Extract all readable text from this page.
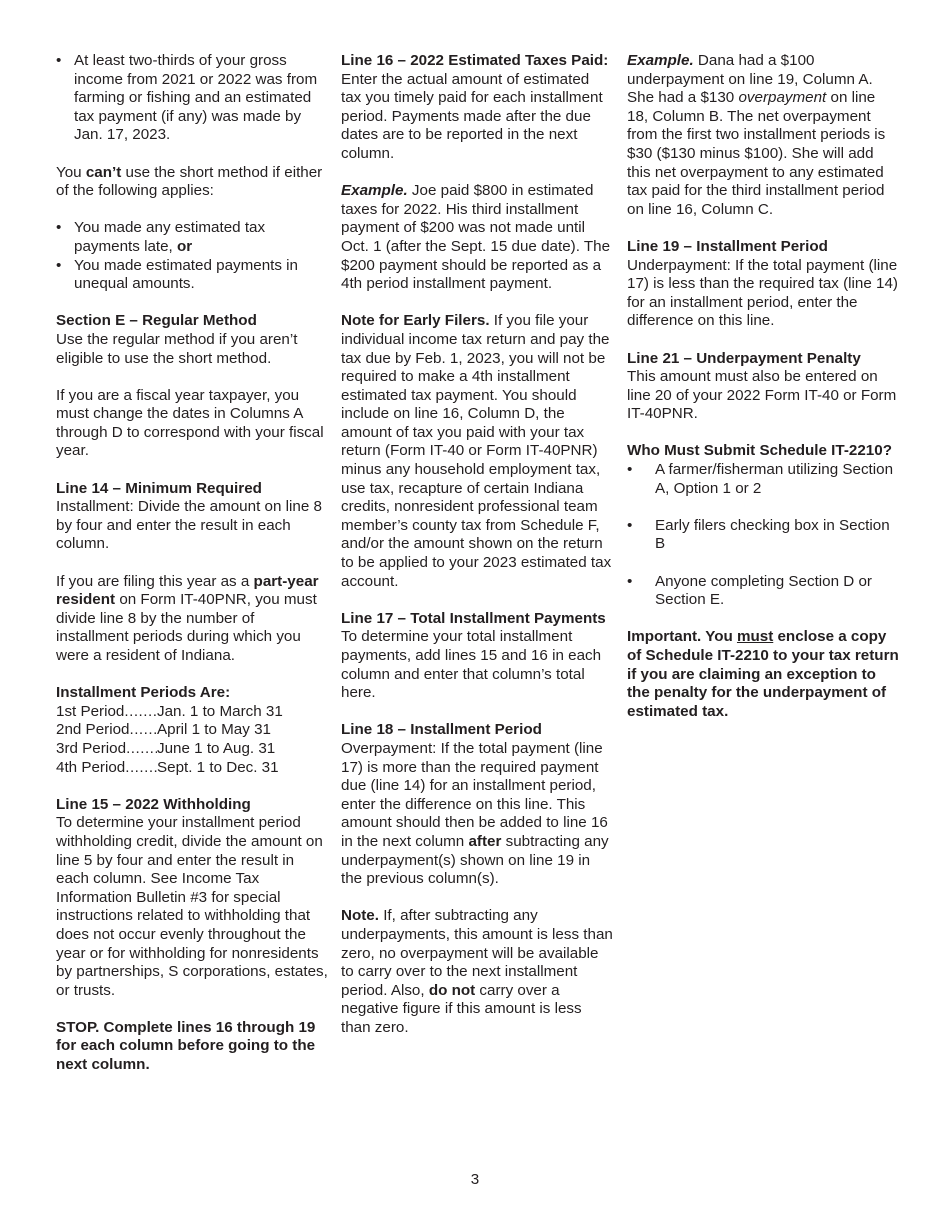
• At least two-thirds of your gross income from 2021 or 2022 was from farming or fishing and an estimated tax payment (if any) was made by Jan. 17, 2023.

You can’t use the short method if either of the following applies:

• You made any estimated tax payments late, or
• You made estimated payments in unequal amounts.

Section E – Regular Method
Use the regular method if you aren’t eligible to use the short method.

If you are a fiscal year taxpayer, you must change the dates in Columns A through D to correspond with your fiscal year.

Line 14 – Minimum Required
Installment: Divide the amount on line 8 by four and enter the result in each column.

If you are filing this year as a part-year resident on Form IT-40PNR, you must divide line 8 by the number of installment periods during which you were a resident of Indiana.

Installment Periods Are:
1st Period ..... Jan. 1 to March 31
2nd Period ..... April 1 to May 31
3rd Period ..... June 1 to Aug. 31
4th Period ..... Sept. 1 to Dec. 31

Line 15 – 2022 Withholding
To determine your installment period withholding credit, divide the amount on line 5 by four and enter the result in each column. See Income Tax Information Bulletin #3 for special instructions related to withholding that does not occur evenly throughout the year or for withholding for nonresidents by partnerships, S corporations, estates, or trusts.

STOP. Complete lines 16 through 19 for each column before going to the next column.

Line 16 – 2022 Estimated Taxes Paid: Enter the actual amount of estimated tax you timely paid for each installment period. Payments made after the due dates are to be reported in the next column.

Example. Joe paid $800 in estimated taxes for 2022. His third installment payment of $200 was not made until Oct. 1 (after the Sept. 15 due date). The $200 payment should be reported as a 4th period installment payment.

Note for Early Filers. If you file your individual income tax return and pay the tax due by Feb. 1, 2023, you will not be required to make a 4th installment estimated tax payment. You should include on line 16, Column D, the amount of tax you paid with your tax return (Form IT-40 or Form IT-40PNR) minus any household employment tax, use tax, recapture of certain Indiana credits, nonresident professional team member’s county tax from Schedule F, and/or the amount shown on the return to be applied to your 2023 estimated tax account.

Line 17 – Total Installment Payments
To determine your total installment payments, add lines 15 and 16 in each column and enter that column’s total here.

Line 18 – Installment Period
Overpayment: If the total payment (line 17) is more than the required payment due (line 14) for an installment period, enter the difference on this line. This amount should then be added to line 16 in the next column after subtracting any underpayment(s) shown on line 19 in the previous column(s).

Note. If, after subtracting any underpayments, this amount is less than zero, no overpayment will be available to carry over to the next installment period. Also, do not carry over a negative figure if this amount is less than zero.

Example. Dana had a $100 underpayment on line 19, Column A. She had a $130 overpayment on line 18, Column B. The net overpayment from the first two installment periods is $30 ($130 minus $100). She will add this net overpayment to any estimated tax paid for the third installment period on line 16, Column C.

Line 19 – Installment Period
Underpayment: If the total payment (line 17) is less than the required tax (line 14) for an installment period, enter the difference on this line.

Line 21 – Underpayment Penalty
This amount must also be entered on line 20 of your 2022 Form IT-40 or Form IT-40PNR.

Who Must Submit Schedule IT-2210?
• A farmer/fisherman utilizing Section A, Option 1 or 2
• Early filers checking box in Section B
• Anyone completing Section D or Section E.

Important. You must enclose a copy of Schedule IT-2210 to your tax return if you are claiming an exception to the penalty for the underpayment of estimated tax.

3
